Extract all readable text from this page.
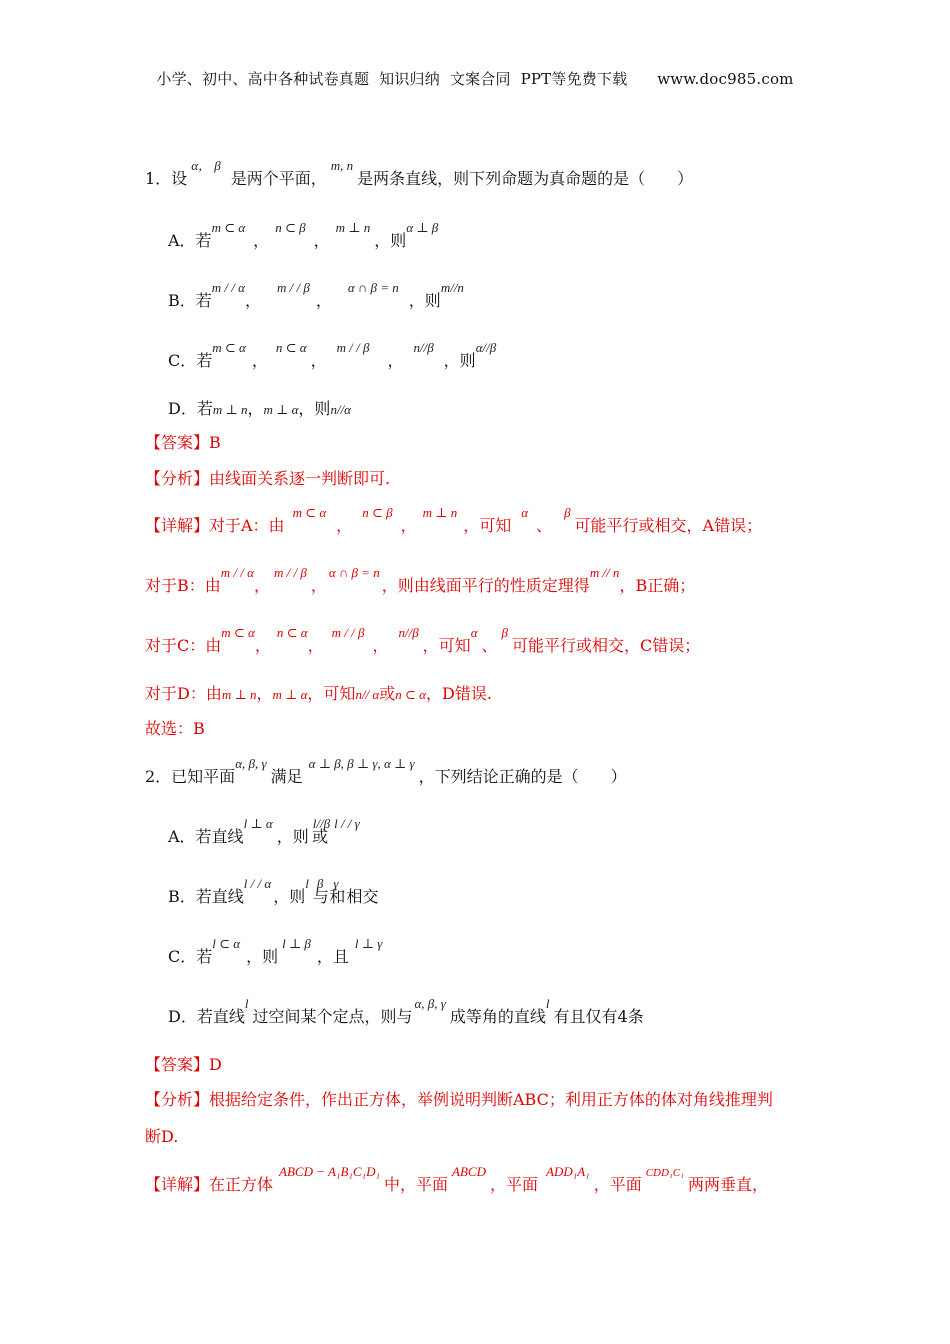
小学、初中、高中各种试卷真题  知识归纳  文案合同  PPT等免费下载      www.doc985.com
1．设α， β是两个平面，m, n是两条直线，则下列命题为真命题的是（　　）
A．若m ⊂ α，n ⊂ β，m ⊥ n，则α ⊥ β
B．若m / / α，m / / β，α ∩ β = n，则m//n
C．若m ⊂ α，n ⊂ α，m / / β，n//β，则α//β
D．若m ⊥ n，m ⊥ α，则n//α
【答案】B
【分析】由线面关系逐一判断即可.
【详解】对于A：由m ⊂ α，n ⊂ β，m ⊥ n，可知α、β可能平行或相交，A错误；
对于B：由m / / α，m / / β，α ∩ β = n，则由线面平行的性质定理得m // n，B正确；
对于C：由m ⊂ α，n ⊂ α，m / / β，n//β，可知α、β可能平行或相交，C错误；
对于D：由m ⊥ n，m ⊥ α，可知n// α或n ⊂ α，D错误.
故选：B
2．已知平面α, β, γ满足α ⊥ β, β ⊥ γ, α ⊥ γ，下列结论正确的是（　　）
A．若直线l ⊥ α，则l//β或l / / γ
B．若直线l / / α，则l与β和γ相交
C．若l ⊂ α，则l ⊥ β，且l ⊥ γ
D．若直线l过空间某个定点，则与α, β, γ成等角的直线l有且仅有4条
【答案】D
【分析】根据给定条件，作出正方体，举例说明判断ABC；利用正方体的体对角线推理判
断D.
【详解】在正方体ABCD − A₁B₁C₁D₁中，平面ABCD，平面ADD₁A₁，平面CDD₁C₁两两垂直，
